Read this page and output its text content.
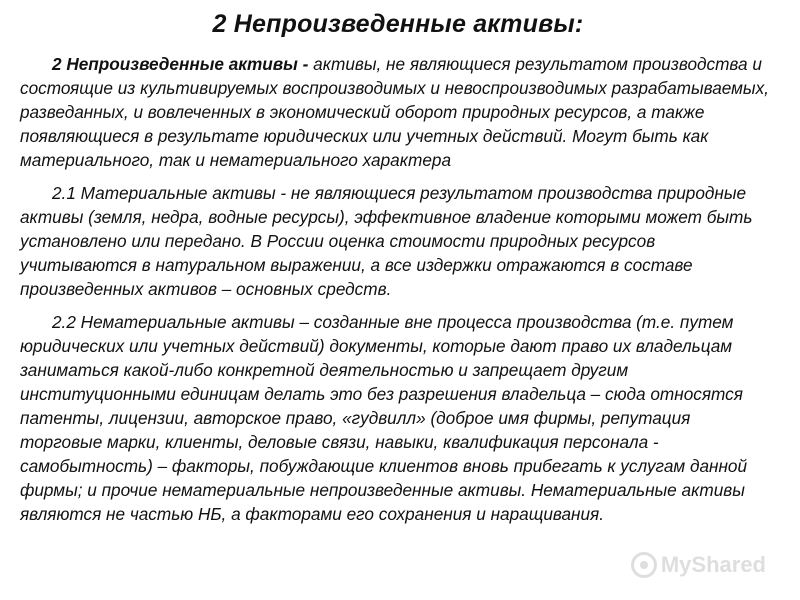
2 Непроизведенные активы:

2 Непроизведенные активы - активы, не являющиеся результатом производства и состоящие из культивируемых воспроизводимых и невоспроизводимых разрабатываемых, разведанных, и вовлеченных в экономический оборот природных ресурсов, а также появляющиеся в результате юридических или учетных действий. Могут быть как материального, так и нематериального характера

2.1 Материальные активы - не являющиеся результатом производства природные активы (земля, недра, водные ресурсы), эффективное владение которыми может быть установлено или передано. В России оценка стоимости природных ресурсов учитываются в натуральном выражении, а все издержки отражаются в составе произведенных активов – основных средств.

2.2 Нематериальные активы – созданные вне процесса производства (т.е. путем юридических или учетных действий) документы, которые дают право их владельцам заниматься какой-либо конкретной деятельностью и запрещает другим институционными единицам делать это без разрешения владельца – сюда относятся патенты, лицензии, авторское право, «гудвилл» (доброе имя фирмы, репутация торговые марки, клиенты, деловые связи, навыки, квалификация персонала - самобытность) – факторы, побуждающие клиентов вновь прибегать к услугам данной фирмы; и прочие нематериальные непроизведенные активы. Нематериальные активы являются не частью НБ, а факторами его сохранения и наращивания.

MyShared
